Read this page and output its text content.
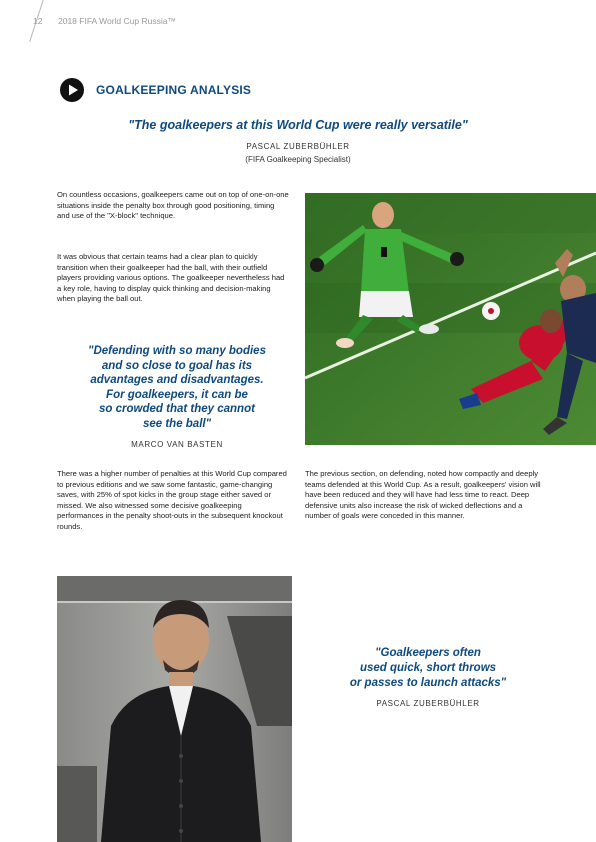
12 2018 FIFA World Cup Russia™
GOALKEEPING ANALYSIS
"The goalkeepers at this World Cup were really versatile"
PASCAL ZUBERBÜHLER
(FIFA Goalkeeping Specialist)

On countless occasions, goalkeepers came out on top of one-on-one situations inside the penalty box through good positioning, timing and use of the "X-block" technique.

It was obvious that certain teams had a clear plan to quickly transition when their goalkeeper had the ball, with their outfield players providing various options. The goalkeeper nevertheless had a key role, having to display quick thinking and decision-making when playing the ball out.

"Defending with so many bodies
and so close to goal has its
advantages and disadvantages.
For goalkeepers, it can be
so crowded that they cannot
see the ball"
MARCO VAN BASTEN

There was a higher number of penalties at this World Cup compared to previous editions and we saw some fantastic, game-changing saves, with 25% of spot kicks in the group stage either saved or missed. We also witnessed some decisive goalkeeping performances in the penalty shoot-outs in the subsequent knockout rounds.

The previous section, on defending, noted how compactly and deeply teams defended at this World Cup. As a result, goalkeepers' vision will have been reduced and they will have had less time to react. Deep defensive units also increase the risk of wicked deflections and a number of goals were conceded in this manner.

"Goalkeepers often
used quick, short throws
or passes to launch attacks"
PASCAL ZUBERBÜHLER
